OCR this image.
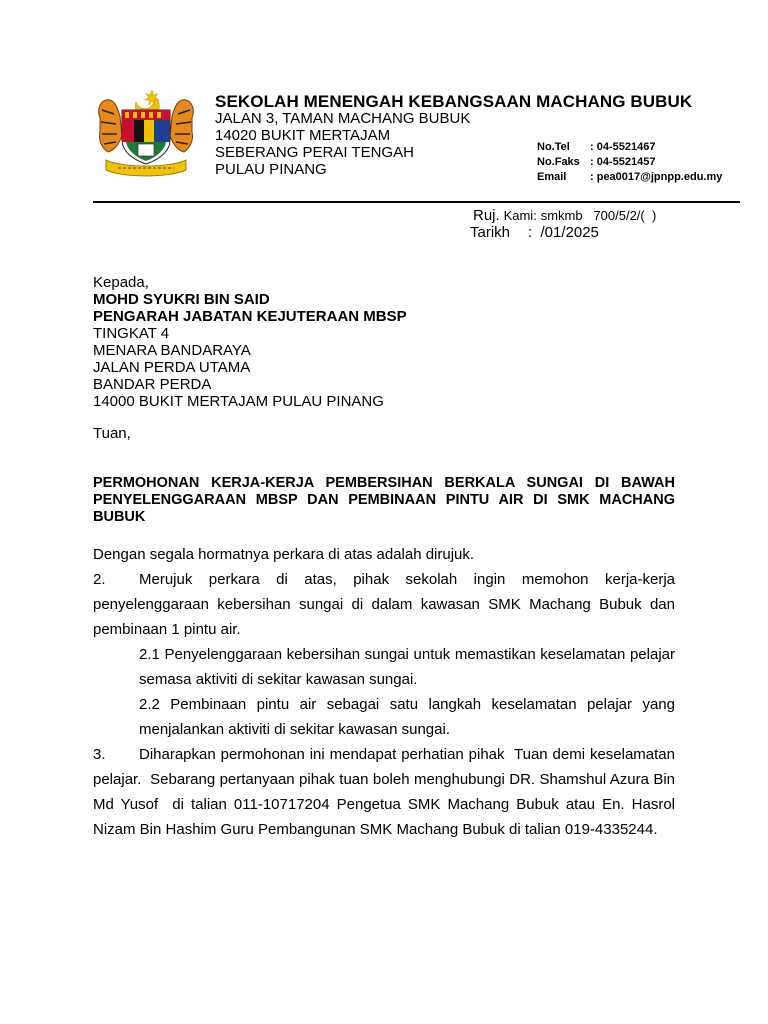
SEKOLAH MENENGAH KEBANGSAAN MACHANG BUBUK
JALAN 3, TAMAN MACHANG BUBUK
14020 BUKIT MERTAJAM
SEBERANG PERAI TENGAH
PULAU PINANG
No.Tel	: 04-5521467
No.Faks : 04-5521457
Email	: pea0017@jpnpp.edu.my
Ruj. Kami: smkmb   700/5/2/(  )
Tarikh :  /01/2025
Kepada,
MOHD SYUKRI BIN SAID
PENGARAH JABATAN KEJUTERAAN MBSP
TINGKAT 4
MENARA BANDARAYA
JALAN PERDA UTAMA
BANDAR PERDA
14000 BUKIT MERTAJAM PULAU PINANG
Tuan,
PERMOHONAN KERJA-KERJA PEMBERSIHAN BERKALA SUNGAI DI BAWAH PENYELENGGARAAN MBSP DAN PEMBINAAN PINTU AIR DI SMK MACHANG BUBUK

Dengan segala hormatnya perkara di atas adalah dirujuk.

2. Merujuk perkara di atas, pihak sekolah ingin memohon kerja-kerja penyelenggaraan kebersihan sungai di dalam kawasan SMK Machang Bubuk dan pembinaan 1 pintu air.

2.1 Penyelenggaraan kebersihan sungai untuk memastikan keselamatan pelajar semasa aktiviti di sekitar kawasan sungai.

2.2 Pembinaan pintu air sebagai satu langkah keselamatan pelajar yang menjalankan aktiviti di sekitar kawasan sungai.

3. Diharapkan permohonan ini mendapat perhatian pihak  Tuan demi keselamatan pelajar.  Sebarang pertanyaan pihak tuan boleh menghubungi DR. Shamshul Azura Bin Md Yusof  di talian 011-10717204 Pengetua SMK Machang Bubuk atau En. Hasrol Nizam Bin Hashim Guru Pembangunan SMK Machang Bubuk di talian 019-4335244.
